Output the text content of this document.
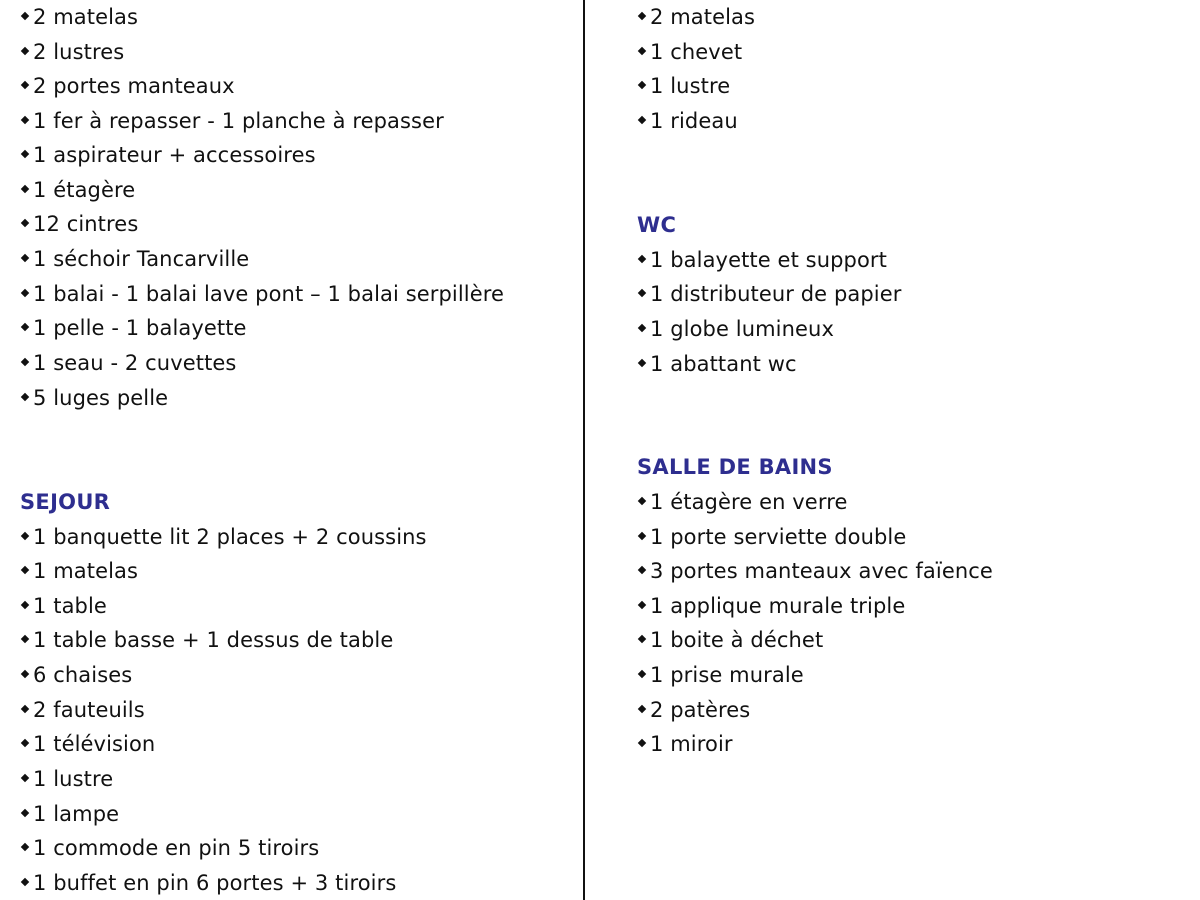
2 matelas
2 lustres
2 portes manteaux
1 fer à repasser - 1 planche à repasser
1 aspirateur + accessoires
1 étagère
12 cintres
1 séchoir Tancarville
1 balai - 1 balai lave pont – 1 balai serpillère
1 pelle - 1 balayette
1 seau - 2 cuvettes
5 luges pelle
SEJOUR
1 banquette lit 2 places + 2 coussins
1 matelas
1 table
1 table basse + 1 dessus de table
6 chaises
2 fauteuils
1 télévision
1 lustre
1 lampe
1 commode en pin 5 tiroirs
1 buffet en pin 6 portes + 3 tiroirs
2 matelas
1 chevet
1 lustre
1 rideau
WC
1 balayette et support
1 distributeur de papier
1 globe lumineux
1 abattant wc
SALLE DE BAINS
1 étagère en verre
1 porte serviette double
3 portes manteaux avec faïence
1 applique murale triple
1 boite à déchet
1 prise murale
2 patères
1 miroir
